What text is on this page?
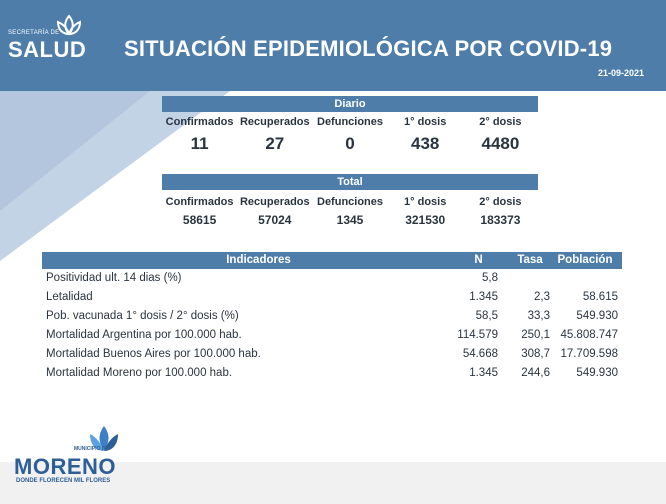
SECRETARÍA DE
SALUD SITUACIÓN EPIDEMIOLÓGICA POR COVID-19
21-09-2021
Diario
Confirmados Recuperados Defunciones	1° dosis	2° dosis
11	27	0	438	4480
Total
Confirmados Recuperados Defunciones	1° dosis	2° dosis
58615	57024	1345	321530	183373
Indicadores	N	Tasa	Población
Positividad ult. 14 dias (%)	5,8
Letalidad	1.345	2,3	58.615
Pob. vacunada 1° dosis / 2° dosis (%)	58,5	33,3	549.930
Mortalidad Argentina por 100.000 hab.	114.579	250,1 45.808.747
Mortalidad Buenos Aires por 100.000 hab.	54.668	308,7 17.709.598
Mortalidad Moreno por 100.000 hab.	1.345	244,6	549.930
MUNICIPIO DE
MORENO
DONDE FLORECEN MIL FLORES
